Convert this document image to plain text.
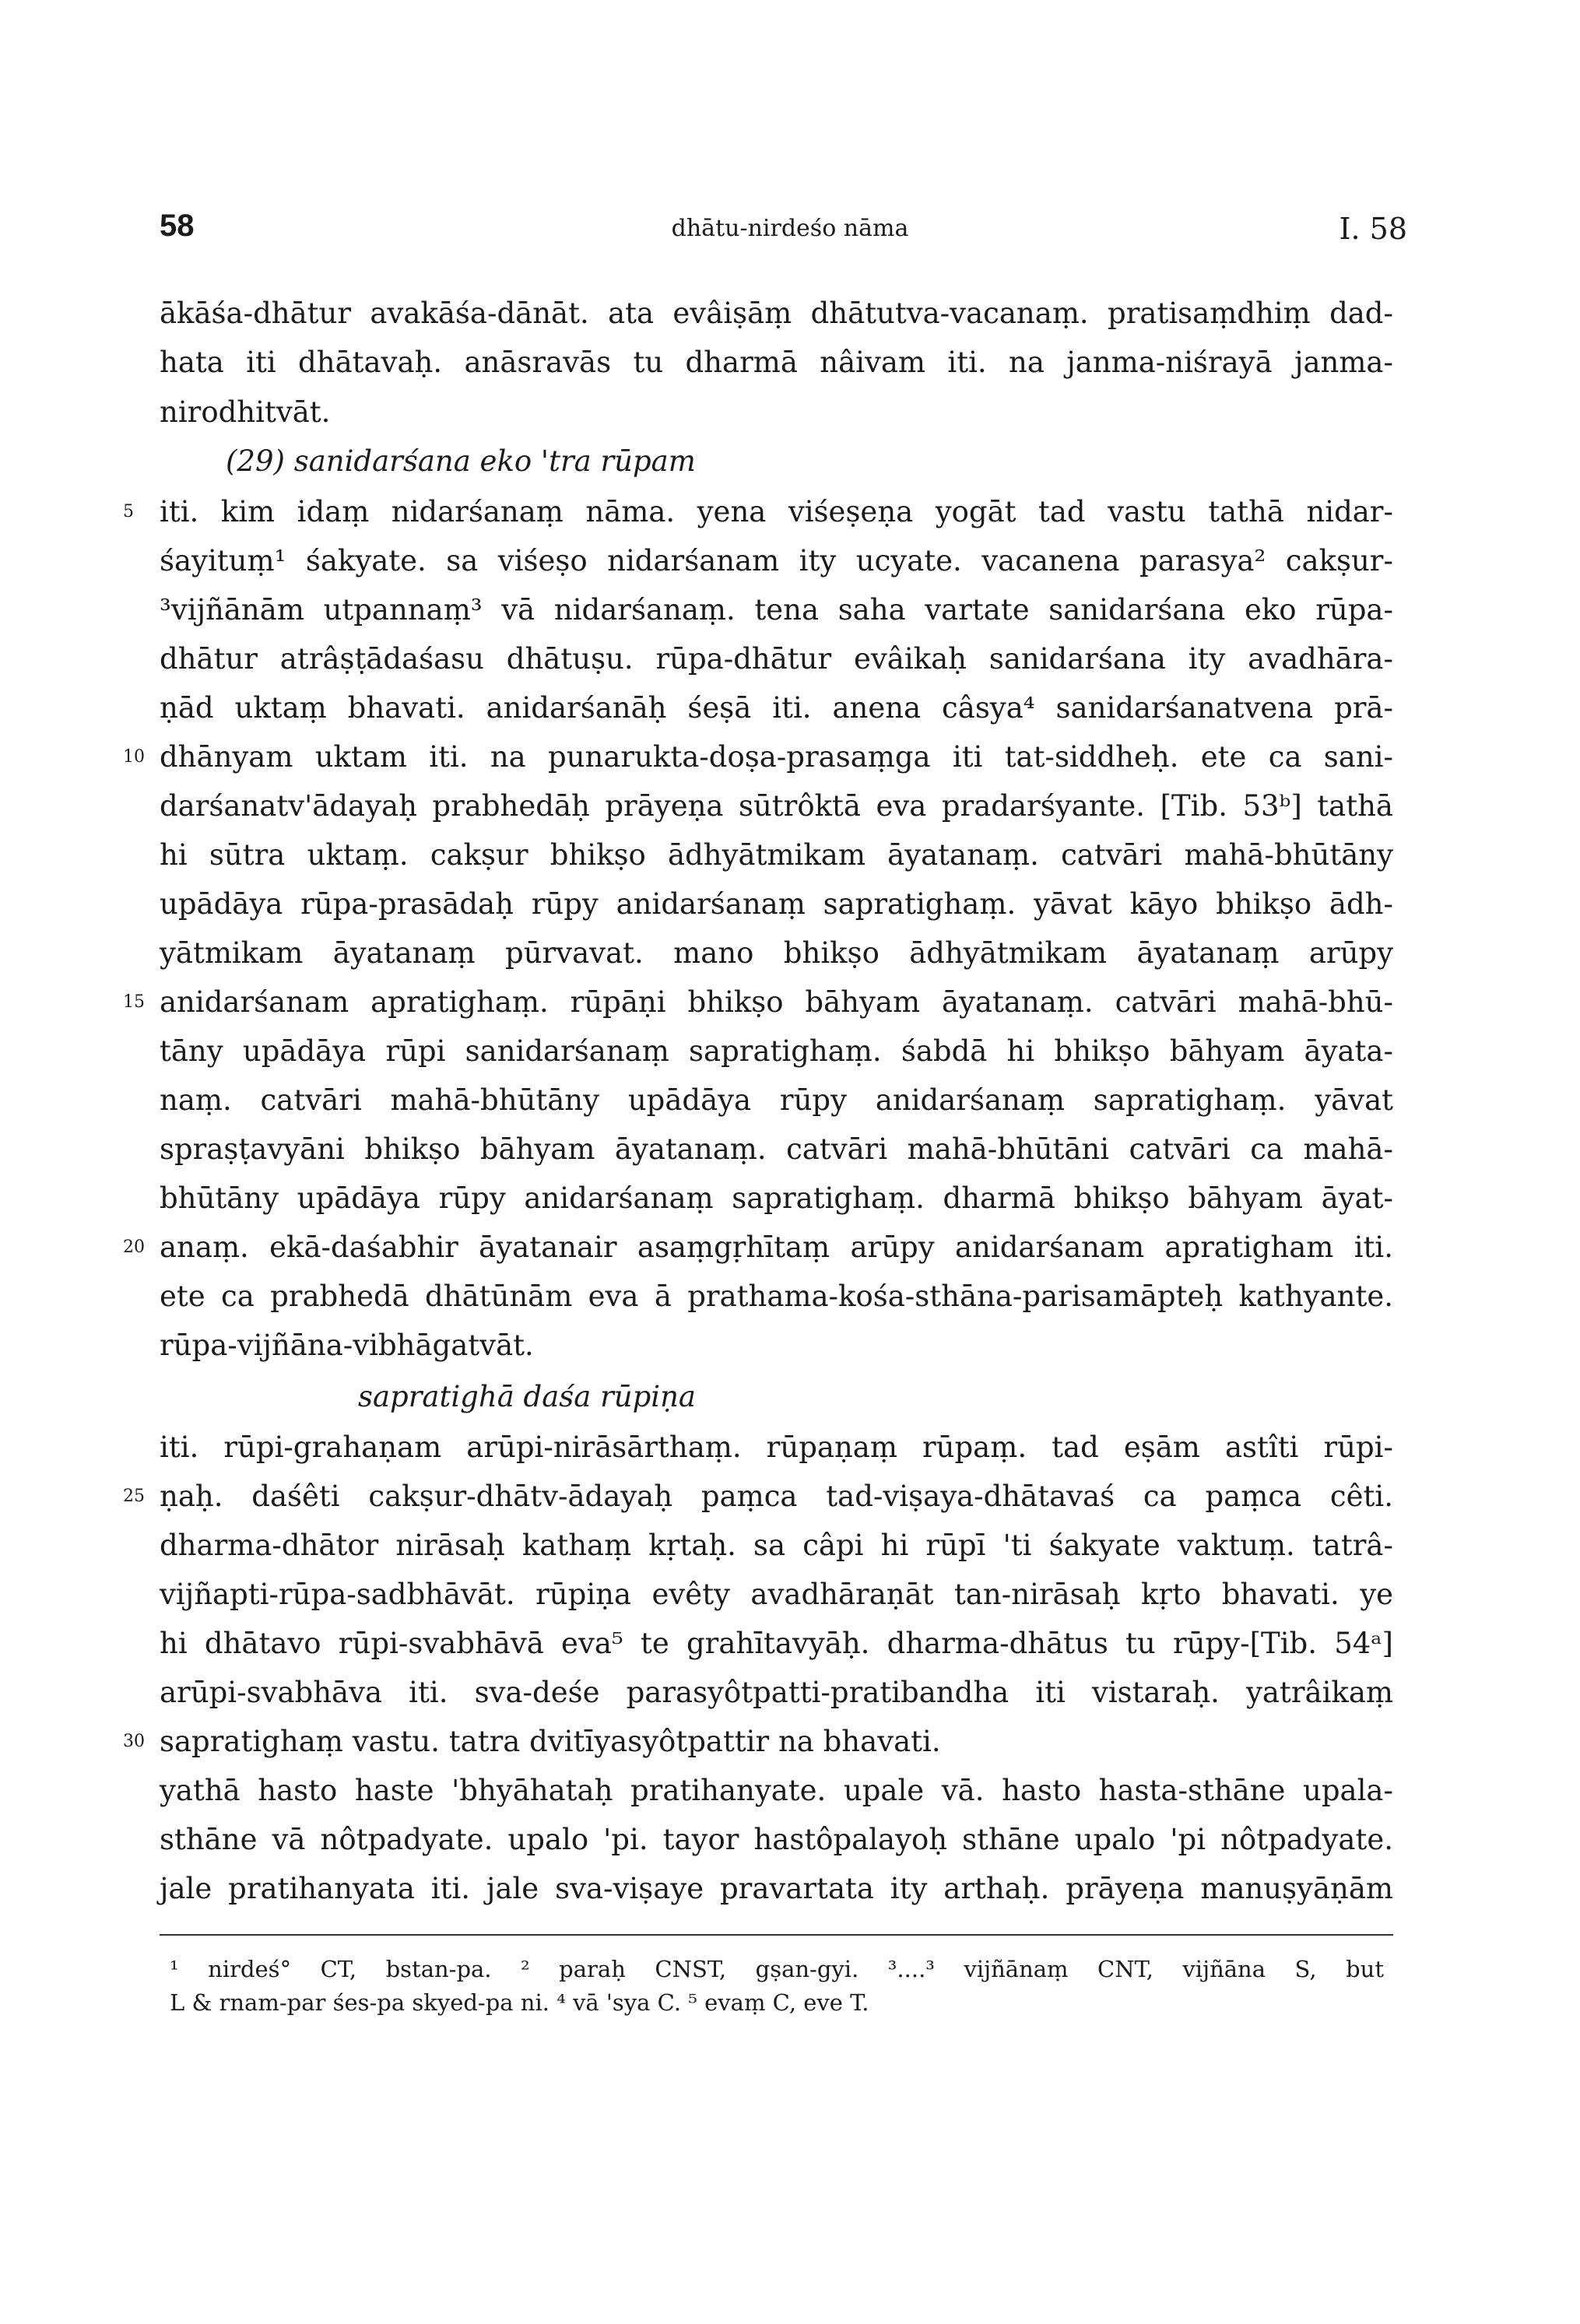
58	dhātu-nirdeśo nāma	I. 58
ākāśa-dhātur avakāśa-dānāt. ata evâiṣāṃ dhātutva-vacanaṃ. pratisaṃdhiṃ dad-
hata iti dhātavaḥ. anāsravās tu dharmā nâivam iti. na janma-niśrayā janma-
nirodhitvāt.
(29) sanidarśana eko 'tra rūpam
5 iti. kim idaṃ nidarśanaṃ nāma. yena viśeṣeṇa yogāt tad vastu tathā nidar-
śayituṃ¹ śakyate. sa viśeṣo nidarśanam ity ucyate. vacanena parasya² cakṣur-
³vijñānām utpannaṃ³ vā nidarśanaṃ. tena saha vartate sanidarśana eko rūpa-
dhātur atrâṣṭādaśasu dhātuṣu. rūpa-dhātur evâikaḥ sanidarśana ity avadhāra-
ṇād uktaṃ bhavati. anidarśanāḥ śeṣā iti. anena câsya⁴ sanidarśanatvena prā-
10 dhānyam uktam iti. na punarukta-doṣa-prasaṃga iti tat-siddheḥ. ete ca sani-
darśanatv'ādayaḥ prabhedāḥ prāyeṇa sūtrôktā eva pradarśyante. [Tib. 53ᵇ] tathā
hi sūtra uktaṃ. cakṣur bhikṣo ādhyātmikam āyatanaṃ. catvāri mahā-bhūtāny
upādāya rūpa-prasādaḥ rūpy anidarśanaṃ sapratighaṃ. yāvat kāyo bhikṣo ādh-
yātmikam āyatanaṃ pūrvavat. mano bhikṣo ādhyātmikam āyatanaṃ arūpy
15 anidarśanam apratighaṃ. rūpāṇi bhikṣo bāhyam āyatanaṃ. catvāri mahā-bhū-
tāny upādāya rūpi sanidarśanaṃ sapratighaṃ. śabdā hi bhikṣo bāhyam āyata-
naṃ. catvāri mahā-bhūtāny upādāya rūpy anidarśanaṃ sapratighaṃ. yāvat
spraṣṭavyāni bhikṣo bāhyam āyatanaṃ. catvāri mahā-bhūtāni catvāri ca mahā-
bhūtāny upādāya rūpy anidarśanaṃ sapratighaṃ. dharmā bhikṣo bāhyam āyat-
20 anaṃ. ekā-daśabhir āyatanair asaṃgṛhītaṃ arūpy anidarśanam apratigham iti.
ete ca prabhedā dhātūnām eva ā prathama-kośa-sthāna-parisamāpteḥ kathyante.
rūpa-vijñāna-vibhāgatvāt.
sapratighā daśa rūpiṇa
iti. rūpi-grahaṇam arūpi-nirāsārthaṃ. rūpaṇaṃ rūpaṃ. tad eṣām astîti rūpi-
25 ṇaḥ. daśêti cakṣur-dhātv-ādayaḥ paṃca tad-viṣaya-dhātavaś ca paṃca cêti.
dharma-dhātor nirāsaḥ kathaṃ kṛtaḥ. sa câpi hi rūpī 'ti śakyate vaktuṃ. tatrâ-
vijñapti-rūpa-sadbhāvāt. rūpiṇa evêty avadhāraṇāt tan-nirāsaḥ kṛto bhavati. ye
hi dhātavo rūpi-svabhāvā eva⁵ te grahītavyāḥ. dharma-dhātus tu rūpy-[Tib. 54ᵃ]
arūpi-svabhāva iti. sva-deśe parasyôtpatti-pratibandha iti vistaraḥ. yatrâikaṃ
30 sapratighaṃ vastu. tatra dvitīyasyôtpattir na bhavati.
yathā hasto haste 'bhyāhataḥ pratihanyate. upale vā. hasto hasta-sthāne upala-
sthāne vā nôtpadyate. upalo 'pi. tayor hastôpalayoḥ sthāne upalo 'pi nôtpadyate.
jale pratihanyata iti. jale sva-viṣaye pravartata ity arthaḥ. prāyeṇa manuṣyāṇām
¹ nirdeś° CT, bstan-pa. ² paraḥ CNST, gṣan-gyi. ³....³ vijñānaṃ CNT, vijñāna S, but
L & rnam-par śes-pa skyed-pa ni. ⁴ vā 'sya C. ⁵ evaṃ C, eve T.
